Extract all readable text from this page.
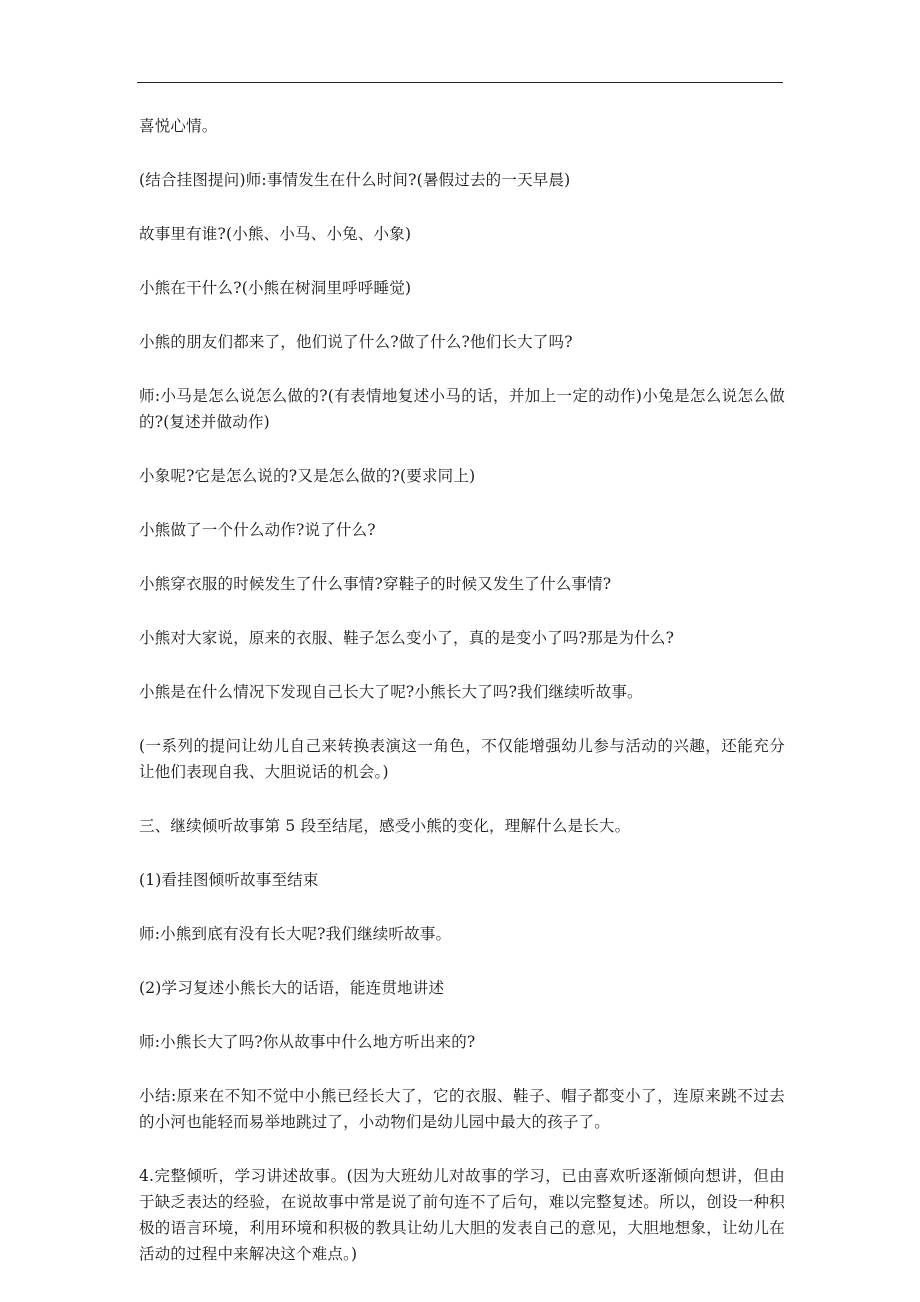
喜悦心情。

(结合挂图提问)师:事情发生在什么时间?(暑假过去的一天早晨)

故事里有谁?(小熊、小马、小兔、小象)

小熊在干什么?(小熊在树洞里呼呼睡觉)

小熊的朋友们都来了，他们说了什么?做了什么?他们长大了吗?

师:小马是怎么说怎么做的?(有表情地复述小马的话，并加上一定的动作)小兔是怎么说怎么做的?(复述并做动作)

小象呢?它是怎么说的?又是怎么做的?(要求同上)

小熊做了一个什么动作?说了什么?

小熊穿衣服的时候发生了什么事情?穿鞋子的时候又发生了什么事情?

小熊对大家说，原来的衣服、鞋子怎么变小了，真的是变小了吗?那是为什么?

小熊是在什么情况下发现自己长大了呢?小熊长大了吗?我们继续听故事。

(一系列的提问让幼儿自己来转换表演这一角色，不仅能增强幼儿参与活动的兴趣，还能充分让他们表现自我、大胆说话的机会。)

三、继续倾听故事第 5 段至结尾，感受小熊的变化，理解什么是长大。

(1)看挂图倾听故事至结束

师:小熊到底有没有长大呢?我们继续听故事。

(2)学习复述小熊长大的话语，能连贯地讲述

师:小熊长大了吗?你从故事中什么地方听出来的?

小结:原来在不知不觉中小熊已经长大了，它的衣服、鞋子、帽子都变小了，连原来跳不过去的小河也能轻而易举地跳过了，小动物们是幼儿园中最大的孩子了。

4.完整倾听，学习讲述故事。(因为大班幼儿对故事的学习，已由喜欢听逐渐倾向想讲，但由于缺乏表达的经验，在说故事中常是说了前句连不了后句，难以完整复述。所以，创设一种积极的语言环境，利用环境和积极的教具让幼儿大胆的发表自己的意见，大胆地想象，让幼儿在活动的过程中来解决这个难点。)
